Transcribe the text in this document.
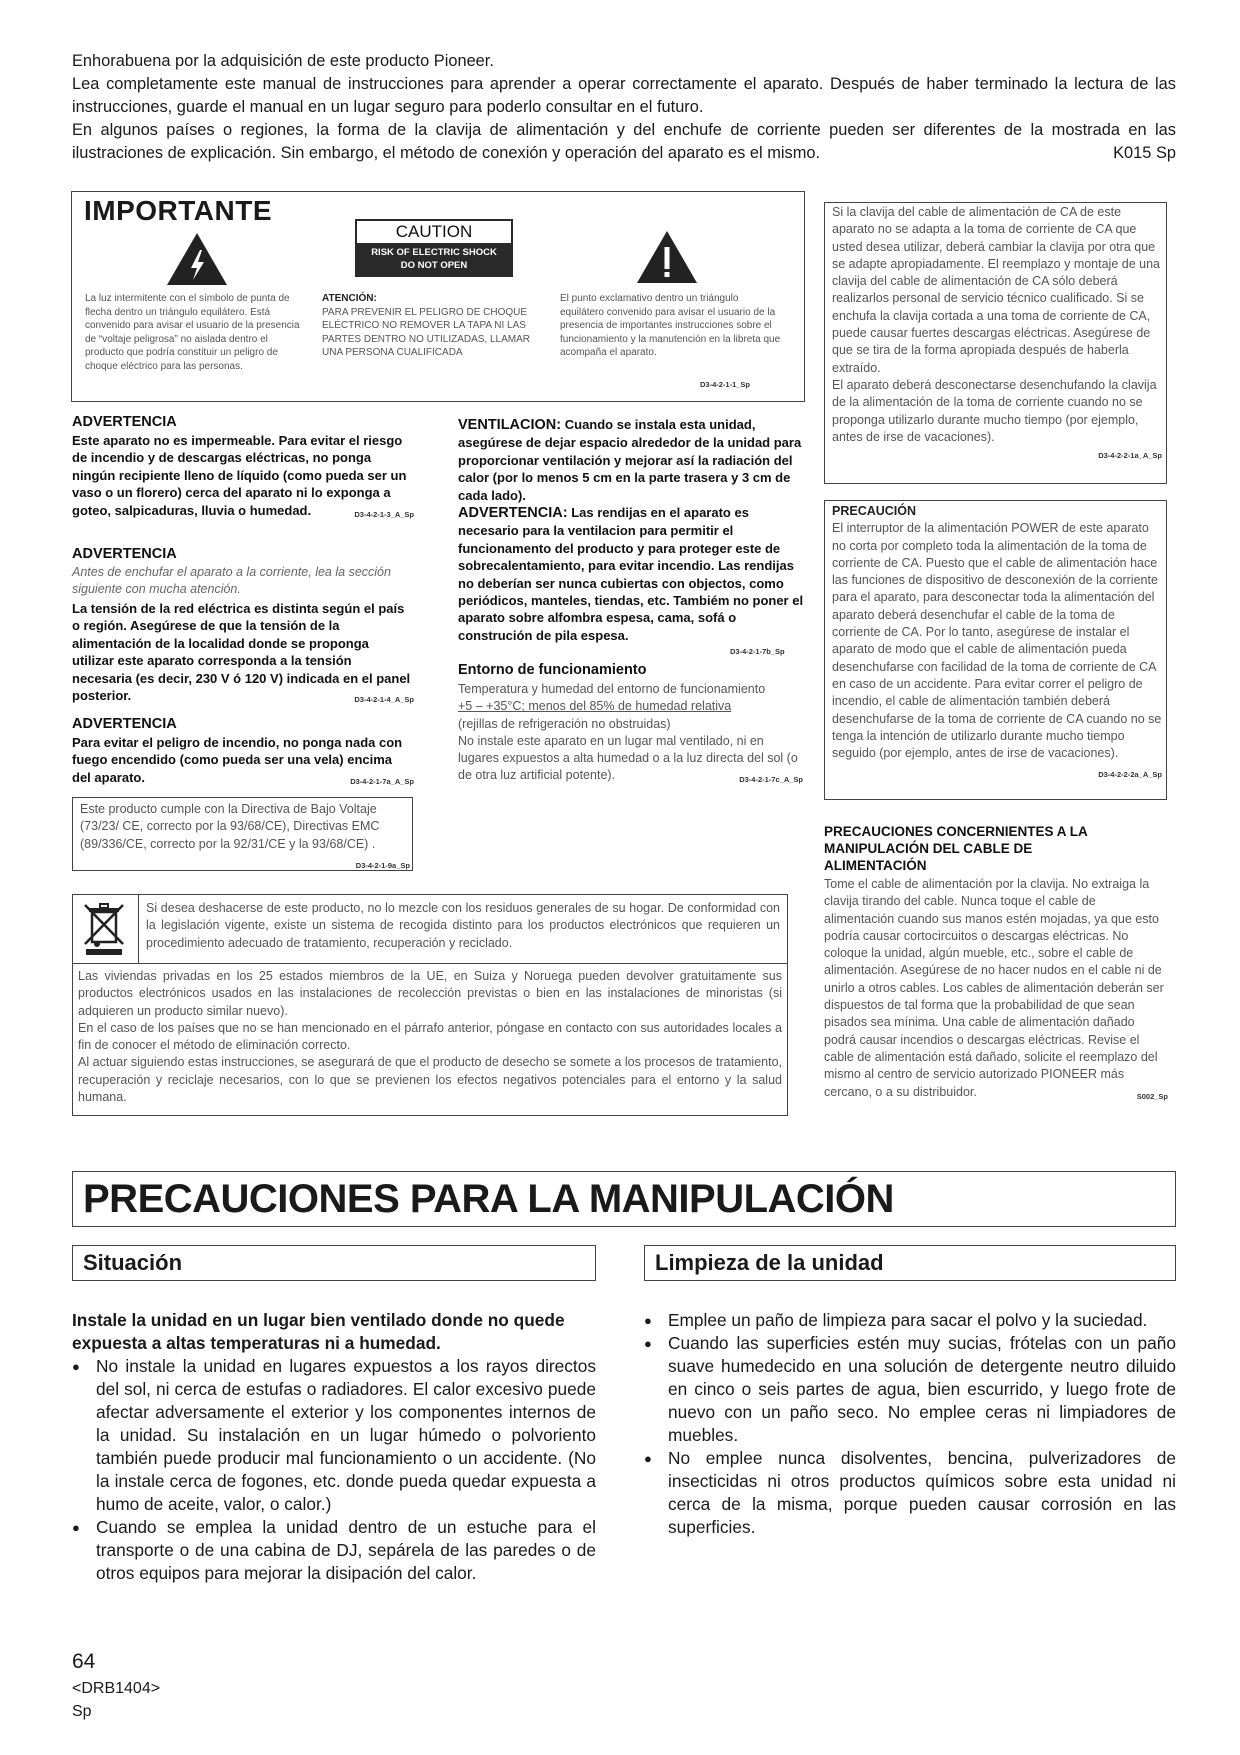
Enhorabuena por la adquisición de este producto Pioneer.

Lea completamente este manual de instrucciones para aprender a operar correctamente el aparato. Después de haber terminado la lectura de las instrucciones, guarde el manual en un lugar seguro para poderlo consultar en el futuro.

En algunos países o regiones, la forma de la clavija de alimentación y del enchufe de corriente pueden ser diferentes de la mostrada en las ilustraciones de explicación. Sin embargo, el método de conexión y operación del aparato es el mismo.	K015 Sp

IMPORTANTE
CAUTION
RISK OF ELECTRIC SHOCK
DO NOT OPEN
La luz intermitente con el símbolo de punta de flecha dentro un triángulo equilátero. Está convenido para avisar el usuario de la presencia de “voltaje peligrosa” no aislada dentro el producto que podría constituir un peligro de choque eléctrico para las personas.
ATENCIÓN:
PARA PREVENIR EL PELIGRO DE CHOQUE ELÉCTRICO NO REMOVER LA TAPA NI LAS PARTES DENTRO NO UTILIZADAS, LLAMAR UNA PERSONA CUALIFICADA
El punto exclamativo dentro un triángulo equilátero convenido para avisar el usuario de la presencia de importantes instrucciones sobre el funcionamiento y la manutención en la libreta que acompaña el aparato.
D3-4-2-1-1_Sp
ADVERTENCIA
Este aparato no es impermeable. Para evitar el riesgo de incendio y de descargas eléctricas, no ponga ningún recipiente lleno de líquido (como pueda ser un vaso o un florero) cerca del aparato ni lo exponga a goteo, salpicaduras, lluvia o humedad.	D3-4-2-1-3_A_Sp
ADVERTENCIA
Antes de enchufar el aparato a la corriente, lea la sección siguiente con mucha atención.
La tensión de la red eléctrica es distinta según el país o región. Asegúrese de que la tensión de la alimentación de la localidad donde se proponga utilizar este aparato corresponda a la tensión necesaria (es decir, 230 V ó 120 V) indicada en el panel posterior.	D3-4-2-1-4_A_Sp
ADVERTENCIA
Para evitar el peligro de incendio, no ponga nada con fuego encendido (como pueda ser una vela) encima del aparato.	D3-4-2-1-7a_A_Sp
Este producto cumple con la Directiva de Bajo Voltaje (73/23/ CE, correcto por la 93/68/CE), Directivas EMC (89/336/CE, correcto por la 92/31/CE y la 93/68/CE) .
D3-4-2-1-9a_Sp
VENTILACION: Cuando se instala esta unidad, asegúrese de dejar espacio alrededor de la unidad para proporcionar ventilación y mejorar así la radiación del calor (por lo menos 5 cm en la parte trasera y 3 cm de cada lado).
ADVERTENCIA: Las rendijas en el aparato es necesario para la ventilacion para permitir el funcionamento del producto y para proteger este de sobrecalentamiento, para evitar incendio. Las rendijas no deberían ser nunca cubiertas con objectos, como periódicos, manteles, tiendas, etc. Tambiém no poner el aparato sobre alfombra espesa, cama, sofá o construción de pila espesa.
D3-4-2-1-7b_Sp
Entorno de funcionamiento
Temperatura y humedad del entorno de funcionamiento
+5 – +35°C; menos del 85% de humedad relativa
(rejillas de refrigeración no obstruidas)
No instale este aparato en un lugar mal ventilado, ni en lugares expuestos a alta humedad o a la luz directa del sol (o de otra luz artificial potente).	D3-4-2-1-7c_A_Sp
Si la clavija del cable de alimentación de CA de este aparato no se adapta a la toma de corriente de CA que usted desea utilizar, deberá cambiar la clavija por otra que se adapte apropiadamente. El reemplazo y montaje de una clavija del cable de alimentación de CA sólo deberá realizarlos personal de servicio técnico cualificado. Si se enchufa la clavija cortada a una toma de corriente de CA, puede causar fuertes descargas eléctricas. Asegúrese de que se tira de la forma apropiada después de haberla extraído.
El aparato deberá desconectarse desenchufando la clavija de la alimentación de la toma de corriente cuando no se proponga utilizarlo durante mucho tiempo (por ejemplo, antes de irse de vacaciones).
D3-4-2-2-1a_A_Sp
PRECAUCIÓN
El interruptor de la alimentación POWER de este aparato no corta por completo toda la alimentación de la toma de corriente de CA. Puesto que el cable de alimentación hace las funciones de dispositivo de desconexión de la corriente para el aparato, para desconectar toda la alimentación del aparato deberá desenchufar el cable de la toma de corriente de CA. Por lo tanto, asegúrese de instalar el aparato de modo que el cable de alimentación pueda desenchufarse con facilidad de la toma de corriente de CA en caso de un accidente. Para evitar correr el peligro de incendio, el cable de alimentación también deberá desenchufarse de la toma de corriente de CA cuando no se tenga la intención de utilizarlo durante mucho tiempo seguido (por ejemplo, antes de irse de vacaciones).
D3-4-2-2-2a_A_Sp
PRECAUCIONES CONCERNIENTES A LA MANIPULACIÓN DEL CABLE DE ALIMENTACIÓN
Tome el cable de alimentación por la clavija. No extraiga la clavija tirando del cable. Nunca toque el cable de alimentación cuando sus manos estén mojadas, ya que esto podría causar cortocircuitos o descargas eléctricas. No coloque la unidad, algún mueble, etc., sobre el cable de alimentación. Asegúrese de no hacer nudos en el cable ni de unirlo a otros cables. Los cables de alimentación deberán ser dispuestos de tal forma que la probabilidad de que sean pisados sea mínima. Una cable de alimentación dañado podrá causar incendios o descargas eléctricas. Revise el cable de alimentación está dañado, solicite el reemplazo del mismo al centro de servicio autorizado PIONEER más cercano, o a su distribuidor.	S002_Sp
Si desea deshacerse de este producto, no lo mezcle con los residuos generales de su hogar. De conformidad con la legislación vigente, existe un sistema de recogida distinto para los productos electrónicos que requieren un procedimiento adecuado de tratamiento, recuperación y reciclado.
Las viviendas privadas en los 25 estados miembros de la UE, en Suiza y Noruega pueden devolver gratuitamente sus productos electrónicos usados en las instalaciones de recolección previstas o bien en las instalaciones de minoristas (si adquieren un producto similar nuevo).
En el caso de los países que no se han mencionado en el párrafo anterior, póngase en contacto con sus autoridades locales a fin de conocer el método de eliminación correcto.
Al actuar siguiendo estas instrucciones, se asegurará de que el producto de desecho se somete a los procesos de tratamiento, recuperación y reciclaje necesarios, con lo que se previenen los efectos negativos potenciales para el entorno y la salud humana.
PRECAUCIONES PARA LA MANIPULACIÓN
Situación
Instale la unidad en un lugar bien ventilado donde no quede expuesta a altas temperaturas ni a humedad.
● No instale la unidad en lugares expuestos a los rayos directos del sol, ni cerca de estufas o radiadores. El calor excesivo puede afectar adversamente el exterior y los componentes internos de la unidad. Su instalación en un lugar húmedo o polvoriento también puede producir mal funcionamiento o un accidente. (No la instale cerca de fogones, etc. donde pueda quedar expuesta a humo de aceite, valor, o calor.)
● Cuando se emplea la unidad dentro de un estuche para el transporte o de una cabina de DJ, sepárela de las paredes o de otros equipos para mejorar la disipación del calor.
Limpieza de la unidad
● Emplee un paño de limpieza para sacar el polvo y la suciedad.
● Cuando las superficies estén muy sucias, frótelas con un paño suave humedecido en una solución de detergente neutro diluido en cinco o seis partes de agua, bien escurrido, y luego frote de nuevo con un paño seco. No emplee ceras ni limpiadores de muebles.
● No emplee nunca disolventes, bencina, pulverizadores de insecticidas ni otros productos químicos sobre esta unidad ni cerca de la misma, porque pueden causar corrosión en las superficies.
64
<DRB1404>
Sp
